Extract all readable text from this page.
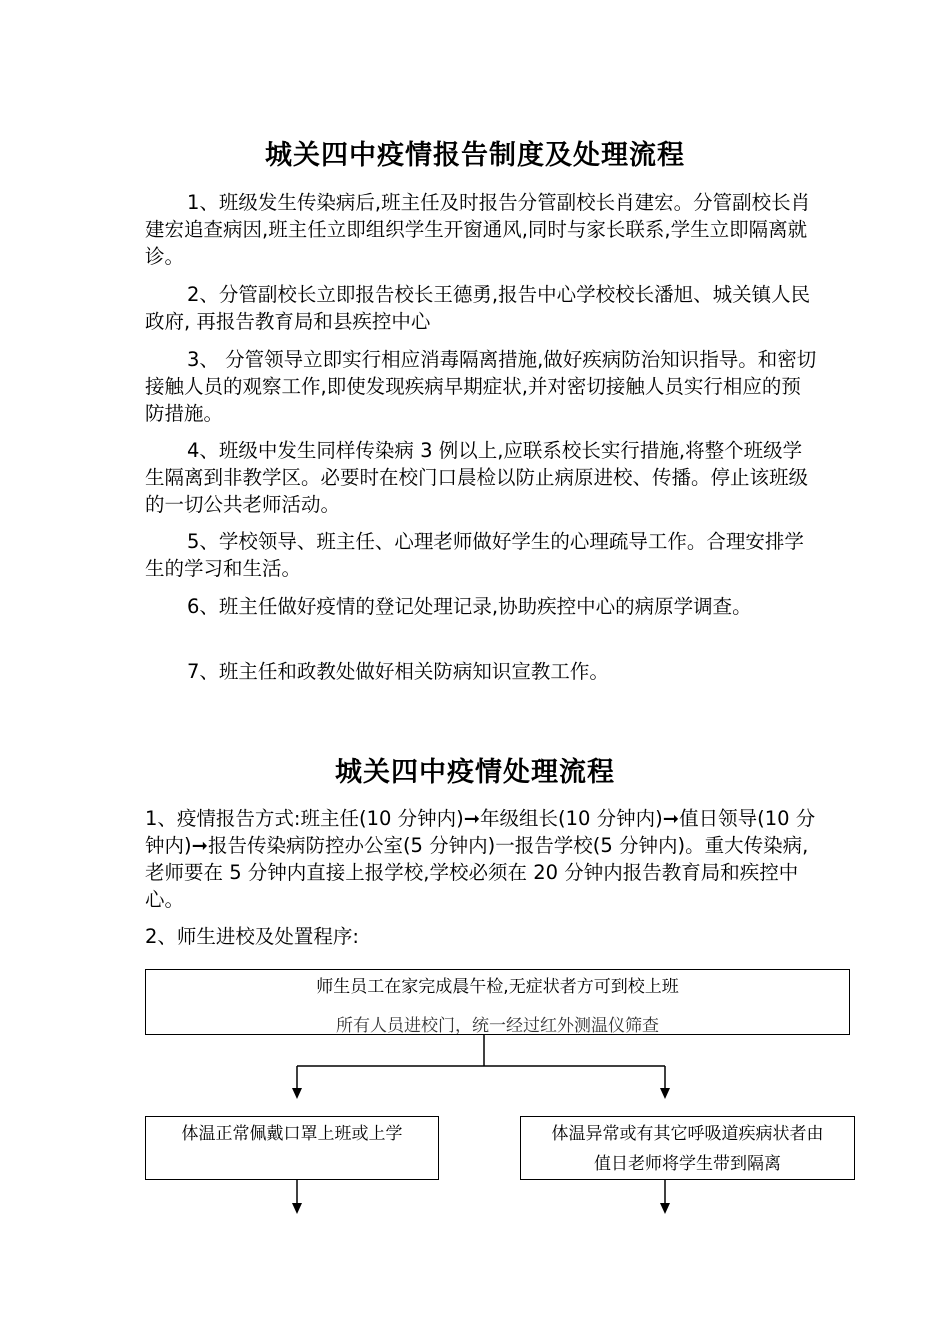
城关四中疫情报告制度及处理流程

1、班级发生传染病后,班主任及时报告分管副校长肖建宏。分管副校长肖建宏追查病因,班主任立即组织学生开窗通风,同时与家长联系,学生立即隔离就诊。

2、分管副校长立即报告校长王德勇,报告中心学校校长潘旭、城关镇人民政府, 再报告教育局和县疾控中心

3、 分管领导立即实行相应消毒隔离措施,做好疾病防治知识指导。和密切接触人员的观察工作,即使发现疾病早期症状,并对密切接触人员实行相应的预防措施。

4、班级中发生同样传染病 3 例以上,应联系校长实行措施,将整个班级学生隔离到非教学区。必要时在校门口晨检以防止病原进校、传播。停止该班级的一切公共老师活动。

5、学校领导、班主任、心理老师做好学生的心理疏导工作。合理安排学生的学习和生活。

6、班主任做好疫情的登记处理记录,协助疾控中心的病原学调查。

7、班主任和政教处做好相关防病知识宣教工作。

城关四中疫情处理流程

1、疫情报告方式:班主任(10 分钟内)➞年级组长(10 分钟内)➞值日领导(10 分钟内)➞报告传染病防控办公室(5 分钟内)一报告学校(5 分钟内)。重大传染病,老师要在 5 分钟内直接上报学校,学校必须在 20 分钟内报告教育局和疾控中心。

2、师生进校及处置程序:

师生员工在家完成晨午检,无症状者方可到校上班
所有人员进校门，统一经过红外测温仪筛查
体温正常佩戴口罩上班或上学	体温异常或有其它呼吸道疾病状者由
值日老师将学生带到隔离
